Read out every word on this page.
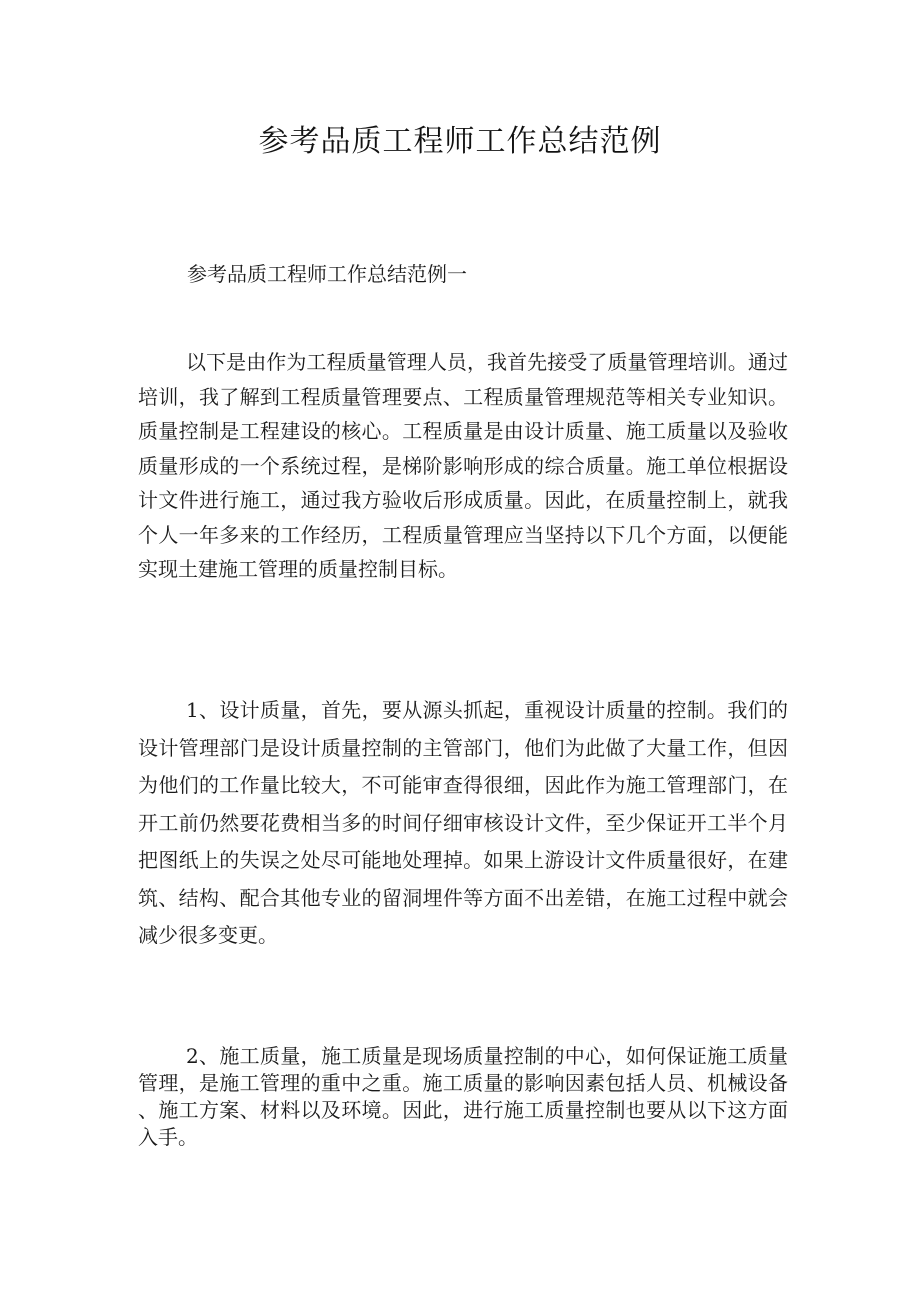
参考品质工程师工作总结范例

参考品质工程师工作总结范例一

以下是由作为工程质量管理人员，我首先接受了质量管理培训。通过培训，我了解到工程质量管理要点、工程质量管理规范等相关专业知识。质量控制是工程建设的核心。工程质量是由设计质量、施工质量以及验收质量形成的一个系统过程，是梯阶影响形成的综合质量。施工单位根据设计文件进行施工，通过我方验收后形成质量。因此，在质量控制上，就我个人一年多来的工作经历，工程质量管理应当坚持以下几个方面，以便能实现土建施工管理的质量控制目标。

1、设计质量，首先，要从源头抓起，重视设计质量的控制。我们的设计管理部门是设计质量控制的主管部门，他们为此做了大量工作，但因为他们的工作量比较大，不可能审查得很细，因此作为施工管理部门，在开工前仍然要花费相当多的时间仔细审核设计文件，至少保证开工半个月把图纸上的失误之处尽可能地处理掉。如果上游设计文件质量很好，在建筑、结构、配合其他专业的留洞埋件等方面不出差错，在施工过程中就会减少很多变更。

2、施工质量，施工质量是现场质量控制的中心，如何保证施工质量管理，是施工管理的重中之重。施工质量的影响因素包括人员、机械设备、施工方案、材料以及环境。因此，进行施工质量控制也要从以下这方面入手。
